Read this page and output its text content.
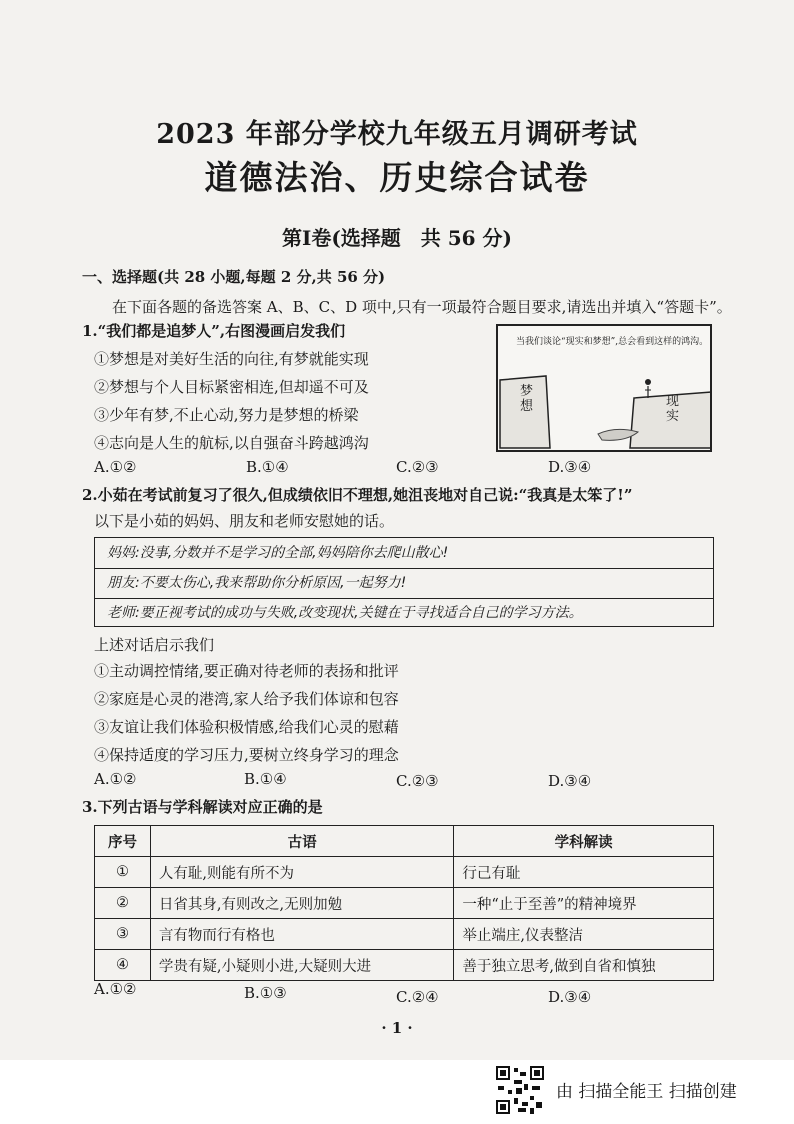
2023 年部分学校九年级五月调研考试
道德法治、历史综合试卷
第Ⅰ卷(选择题　共 56 分)
一、选择题(共 28 小题,每题 2 分,共 56 分)
在下面各题的备选答案 A、B、C、D 项中,只有一项最符合题目要求,请选出并填入“答题卡”。
1.“我们都是追梦人”,右图漫画启发我们
①梦想是对美好生活的向往,有梦就能实现
②梦想与个人目标紧密相连,但却遥不可及
③少年有梦,不止心动,努力是梦想的桥梁
④志向是人生的航标,以自强奋斗跨越鸿沟
A.①②	B.①④	C.②③	D.③④
当我们谈论“现实和梦想”,总会看到这样的鸿沟。
梦想	现实
2.小茹在考试前复习了很久,但成绩依旧不理想,她沮丧地对自己说:“我真是太笨了!”
以下是小茹的妈妈、朋友和老师安慰她的话。
妈妈:没事,分数并不是学习的全部,妈妈陪你去爬山散心!
朋友:不要太伤心,我来帮助你分析原因,一起努力!
老师:要正视考试的成功与失败,改变现状,关键在于寻找适合自己的学习方法。
上述对话启示我们
①主动调控情绪,要正确对待老师的表扬和批评
②家庭是心灵的港湾,家人给予我们体谅和包容
③友谊让我们体验积极情感,给我们心灵的慰藉
④保持适度的学习压力,要树立终身学习的理念
A.①②	B.①④	C.②③	D.③④
3.下列古语与学科解读对应正确的是
序号	古语	学科解读
①	人有耻,则能有所不为	行己有耻
②	日省其身,有则改之,无则加勉	一种“止于至善”的精神境界
③	言有物而行有格也	举止端庄,仪表整洁
④	学贵有疑,小疑则小进,大疑则大进	善于独立思考,做到自省和慎独
A.①②	B.①③	C.②④	D.③④
· 1 ·
由 扫描全能王 扫描创建
